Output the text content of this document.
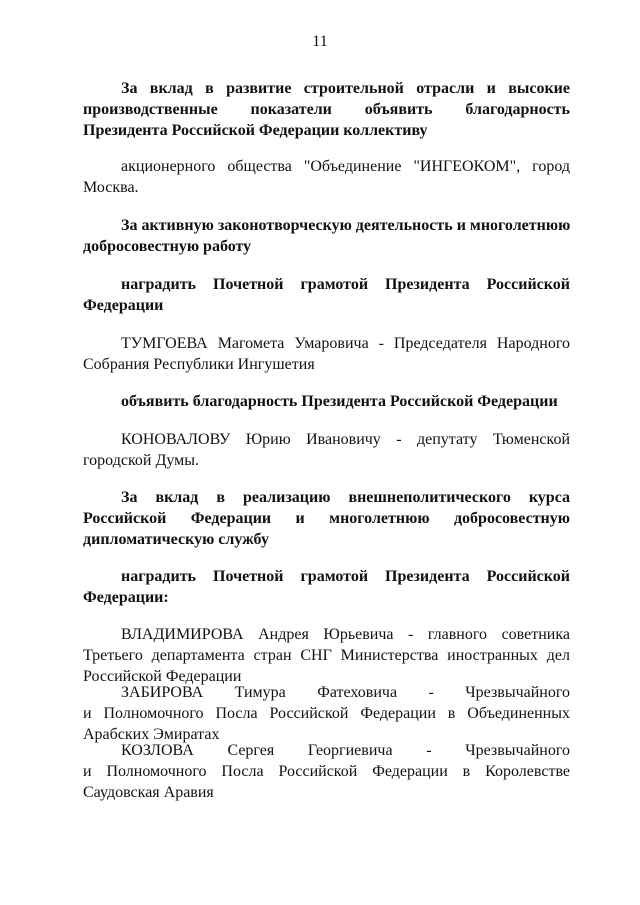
11
За вклад в развитие строительной отрасли и высокие
производственные показатели объявить благодарность
Президента Российской Федерации коллективу
акционерного общества "Объединение "ИНГЕОКОМ", город
Москва.
За активную законотворческую деятельность и многолетнюю
добросовестную работу
наградить Почетной грамотой Президента Российской
Федерации
ТУМГОЕВА Магомета Умаровича - Председателя Народного
Собрания Республики Ингушетия
объявить благодарность Президента Российской Федерации
КОНОВАЛОВУ Юрию Ивановичу - депутату Тюменской
городской Думы.
За вклад в реализацию внешнеполитического курса
Российской Федерации и многолетнюю добросовестную
дипломатическую службу
наградить Почетной грамотой Президента Российской
Федерации:
ВЛАДИМИРОВА Андрея Юрьевича - главного советника
Третьего департамента стран СНГ Министерства иностранных дел
Российской Федерации
ЗАБИРОВА Тимура Фатеховича - Чрезвычайного
и Полномочного Посла Российской Федерации в Объединенных
Арабских Эмиратах
КОЗЛОВА Сергея Георгиевича - Чрезвычайного
и Полномочного Посла Российской Федерации в Королевстве
Саудовская Аравия
